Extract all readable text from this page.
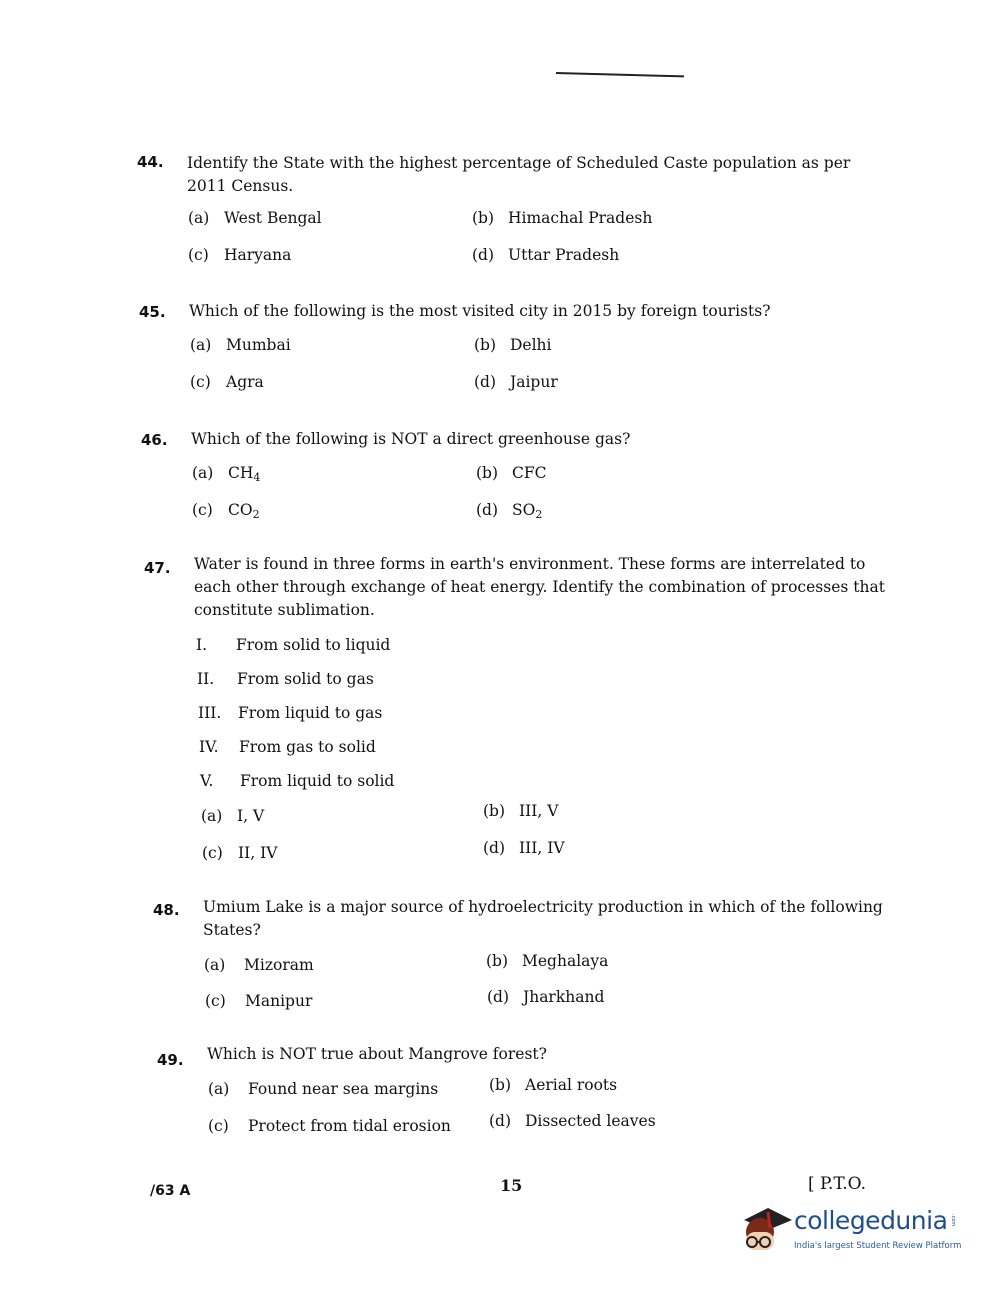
44. Identify the State with the highest percentage of Scheduled Caste population as per 2011 Census.
(a) West Bengal	(b) Himachal Pradesh
(c) Haryana	(d) Uttar Pradesh
45. Which of the following is the most visited city in 2015 by foreign tourists?
(a) Mumbai	(b) Delhi
(c) Agra	(d) Jaipur
46. Which of the following is NOT a direct greenhouse gas?
(a) $CH_4$	(b) CFC
(c) $CO_2$	(d) $SO_2$
47. Water is found in three forms in earth's environment. These forms are interrelated to
each other through exchange of heat energy. Identify the combination of processes that
constitute sublimation.
I.	From solid to liquid
II.	From solid to gas
III.	From liquid to gas
IV.	From gas to solid
V.	From liquid to solid
(a) I, V	(b) III, V
(c) II, IV	(d) III, IV
48. Umium Lake is a major source of hydroelectricity production in which of the following
States?
(a)	Mizoram	(b) Meghalaya
(c)	Manipur	(d) Jharkhand
49. Which is NOT true about Mangrove forest?
(a)	Found near sea margins	(b) Aerial roots
(c)	Protect from tidal erosion (d) Dissected leaves
/63 A	15	[ P.T.O.
collegedunia .com
India's largest Student Review Platform
